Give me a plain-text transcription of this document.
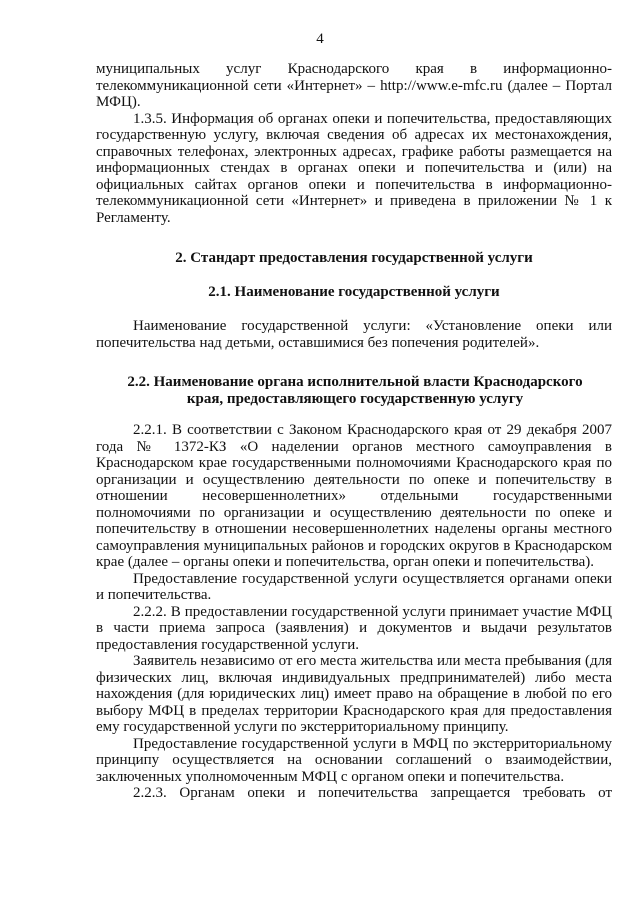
4

муниципальных услуг Краснодарского края в информационно-телекоммуникационной сети «Интернет» – http://www.e-mfc.ru (далее – Портал МФЦ).

1.3.5. Информация об органах опеки и попечительства, предоставляющих государственную услугу, включая сведения об адресах их местонахождения, справочных телефонах, электронных адресах, графике работы размещается на информационных стендах в органах опеки и попечительства и (или) на официальных сайтах органов опеки и попечительства в информационно-телекоммуникационной сети «Интернет» и приведена в приложении № 1 к Регламенту.

2. Стандарт предоставления государственной услуги

2.1. Наименование государственной услуги

Наименование государственной услуги: «Установление опеки или попечительства над детьми, оставшимися без попечения родителей».

2.2. Наименование органа исполнительной власти Краснодарского края, предоставляющего государственную услугу

2.2.1. В соответствии с Законом Краснодарского края от 29 декабря 2007 года № 1372-КЗ «О наделении органов местного самоуправления в Краснодарском крае государственными полномочиями Краснодарского края по организации и осуществлению деятельности по опеке и попечительству в отношении несовершеннолетних» отдельными государственными полномочиями по организации и осуществлению деятельности по опеке и попечительству в отношении несовершеннолетних наделены органы местного самоуправления муниципальных районов и городских округов в Краснодарском крае (далее – органы опеки и попечительства, орган опеки и попечительства).

Предоставление государственной услуги осуществляется органами опеки и попечительства.

2.2.2. В предоставлении государственной услуги принимает участие МФЦ в части приема запроса (заявления) и документов и выдачи результатов предоставления государственной услуги.

Заявитель независимо от его места жительства или места пребывания (для физических лиц, включая индивидуальных предпринимателей) либо места нахождения (для юридических лиц) имеет право на обращение в любой по его выбору МФЦ в пределах территории Краснодарского края для предоставления ему государственной услуги по экстерриториальному принципу.

Предоставление государственной услуги в МФЦ по экстерриториальному принципу осуществляется на основании соглашений о взаимодействии, заключенных уполномоченным МФЦ с органом опеки и попечительства.

2.2.3. Органам опеки и попечительства запрещается требовать от
